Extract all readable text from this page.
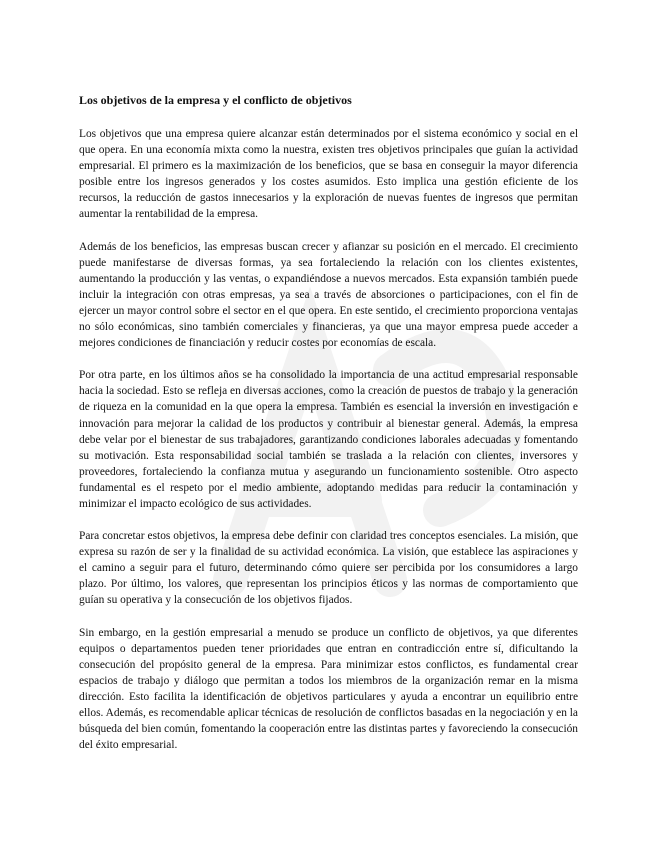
Los objetivos de la empresa y el conflicto de objetivos

Los objetivos que una empresa quiere alcanzar están determinados por el sistema económico y social en el que opera. En una economía mixta como la nuestra, existen tres objetivos principales que guían la actividad empresarial. El primero es la maximización de los beneficios, que se basa en conseguir la mayor diferencia posible entre los ingresos generados y los costes asumidos. Esto implica una gestión eficiente de los recursos, la reducción de gastos innecesarios y la exploración de nuevas fuentes de ingresos que permitan aumentar la rentabilidad de la empresa.

Además de los beneficios, las empresas buscan crecer y afianzar su posición en el mercado. El crecimiento puede manifestarse de diversas formas, ya sea fortaleciendo la relación con los clientes existentes, aumentando la producción y las ventas, o expandiéndose a nuevos mercados. Esta expansión también puede incluir la integración con otras empresas, ya sea a través de absorciones o participaciones, con el fin de ejercer un mayor control sobre el sector en el que opera. En este sentido, el crecimiento proporciona ventajas no sólo económicas, sino también comerciales y financieras, ya que una mayor empresa puede acceder a mejores condiciones de financiación y reducir costes por economías de escala.

Por otra parte, en los últimos años se ha consolidado la importancia de una actitud empresarial responsable hacia la sociedad. Esto se refleja en diversas acciones, como la creación de puestos de trabajo y la generación de riqueza en la comunidad en la que opera la empresa. También es esencial la inversión en investigación e innovación para mejorar la calidad de los productos y contribuir al bienestar general. Además, la empresa debe velar por el bienestar de sus trabajadores, garantizando condiciones laborales adecuadas y fomentando su motivación. Esta responsabilidad social también se traslada a la relación con clientes, inversores y proveedores, fortaleciendo la confianza mutua y asegurando un funcionamiento sostenible. Otro aspecto fundamental es el respeto por el medio ambiente, adoptando medidas para reducir la contaminación y minimizar el impacto ecológico de sus actividades.

Para concretar estos objetivos, la empresa debe definir con claridad tres conceptos esenciales. La misión, que expresa su razón de ser y la finalidad de su actividad económica. La visión, que establece las aspiraciones y el camino a seguir para el futuro, determinando cómo quiere ser percibida por los consumidores a largo plazo. Por último, los valores, que representan los principios éticos y las normas de comportamiento que guían su operativa y la consecución de los objetivos fijados.

Sin embargo, en la gestión empresarial a menudo se produce un conflicto de objetivos, ya que diferentes equipos o departamentos pueden tener prioridades que entran en contradicción entre sí, dificultando la consecución del propósito general de la empresa. Para minimizar estos conflictos, es fundamental crear espacios de trabajo y diálogo que permitan a todos los miembros de la organización remar en la misma dirección. Esto facilita la identificación de objetivos particulares y ayuda a encontrar un equilibrio entre ellos. Además, es recomendable aplicar técnicas de resolución de conflictos basadas en la negociación y en la búsqueda del bien común, fomentando la cooperación entre las distintas partes y favoreciendo la consecución del éxito empresarial.
